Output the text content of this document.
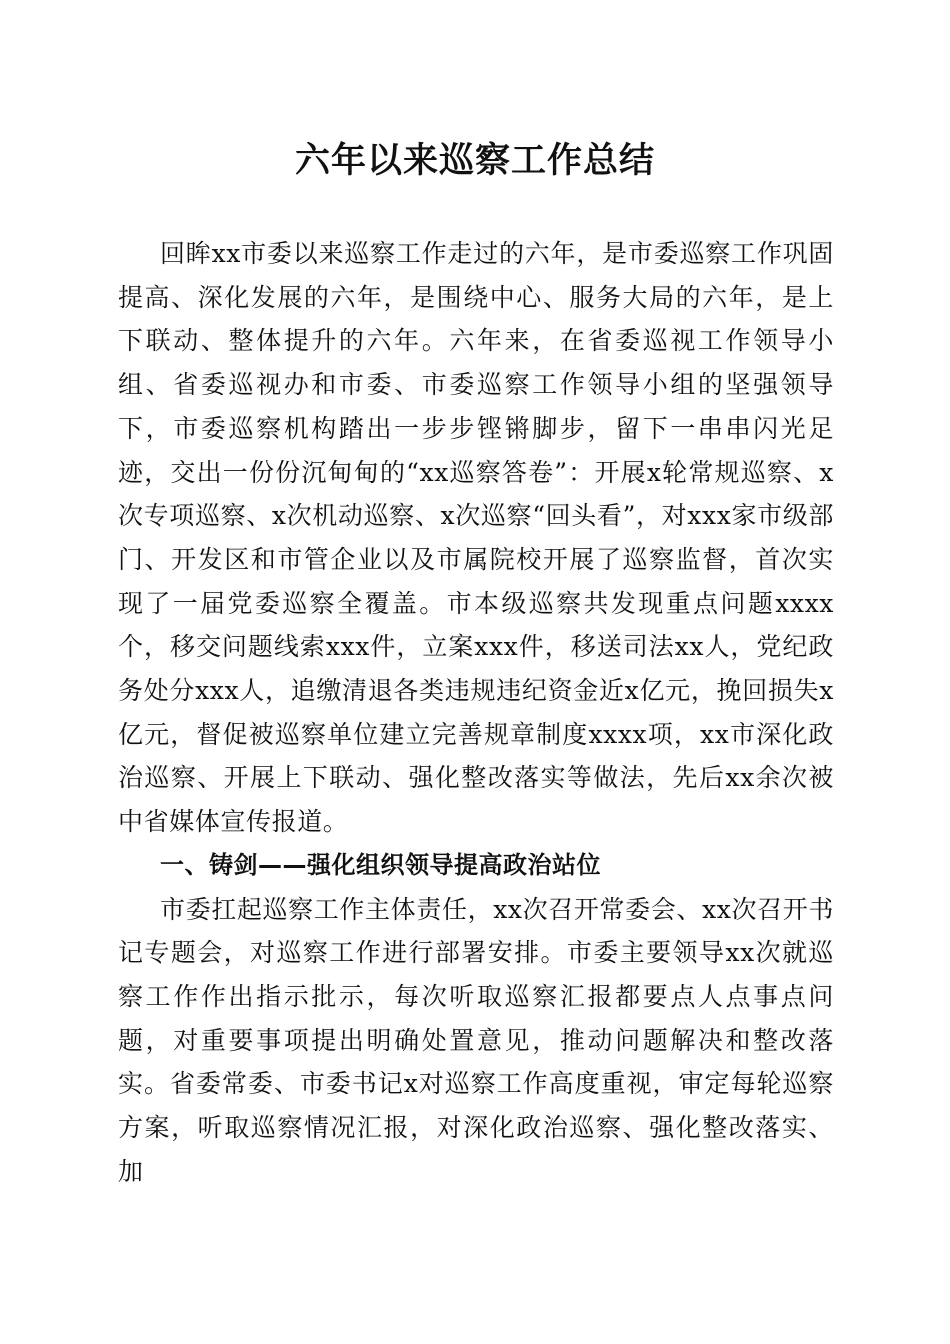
六年以来巡察工作总结

回眸xx市委以来巡察工作走过的六年，是市委巡察工作巩固提高、深化发展的六年，是围绕中心、服务大局的六年，是上下联动、整体提升的六年。六年来，在省委巡视工作领导小组、省委巡视办和市委、市委巡察工作领导小组的坚强领导下，市委巡察机构踏出一步步铿锵脚步，留下一串串闪光足迹，交出一份份沉甸甸的“xx巡察答卷”：开展x轮常规巡察、x次专项巡察、x次机动巡察、x次巡察“回头看”，对xxx家市级部门、开发区和市管企业以及市属院校开展了巡察监督，首次实现了一届党委巡察全覆盖。市本级巡察共发现重点问题xxxx个，移交问题线索xxx件，立案xxx件，移送司法xx人，党纪政务处分xxx人，追缴清退各类违规违纪资金近x亿元，挽回损失x亿元，督促被巡察单位建立完善规章制度xxxx项，xx市深化政治巡察、开展上下联动、强化整改落实等做法，先后xx余次被中省媒体宣传报道。

一、铸剑——强化组织领导提高政治站位

市委扛起巡察工作主体责任，xx次召开常委会、xx次召开书记专题会，对巡察工作进行部署安排。市委主要领导xx次就巡察工作作出指示批示，每次听取巡察汇报都要点人点事点问题，对重要事项提出明确处置意见，推动问题解决和整改落实。省委常委、市委书记x对巡察工作高度重视，审定每轮巡察方案，听取巡察情况汇报，对深化政治巡察、强化整改落实、加
